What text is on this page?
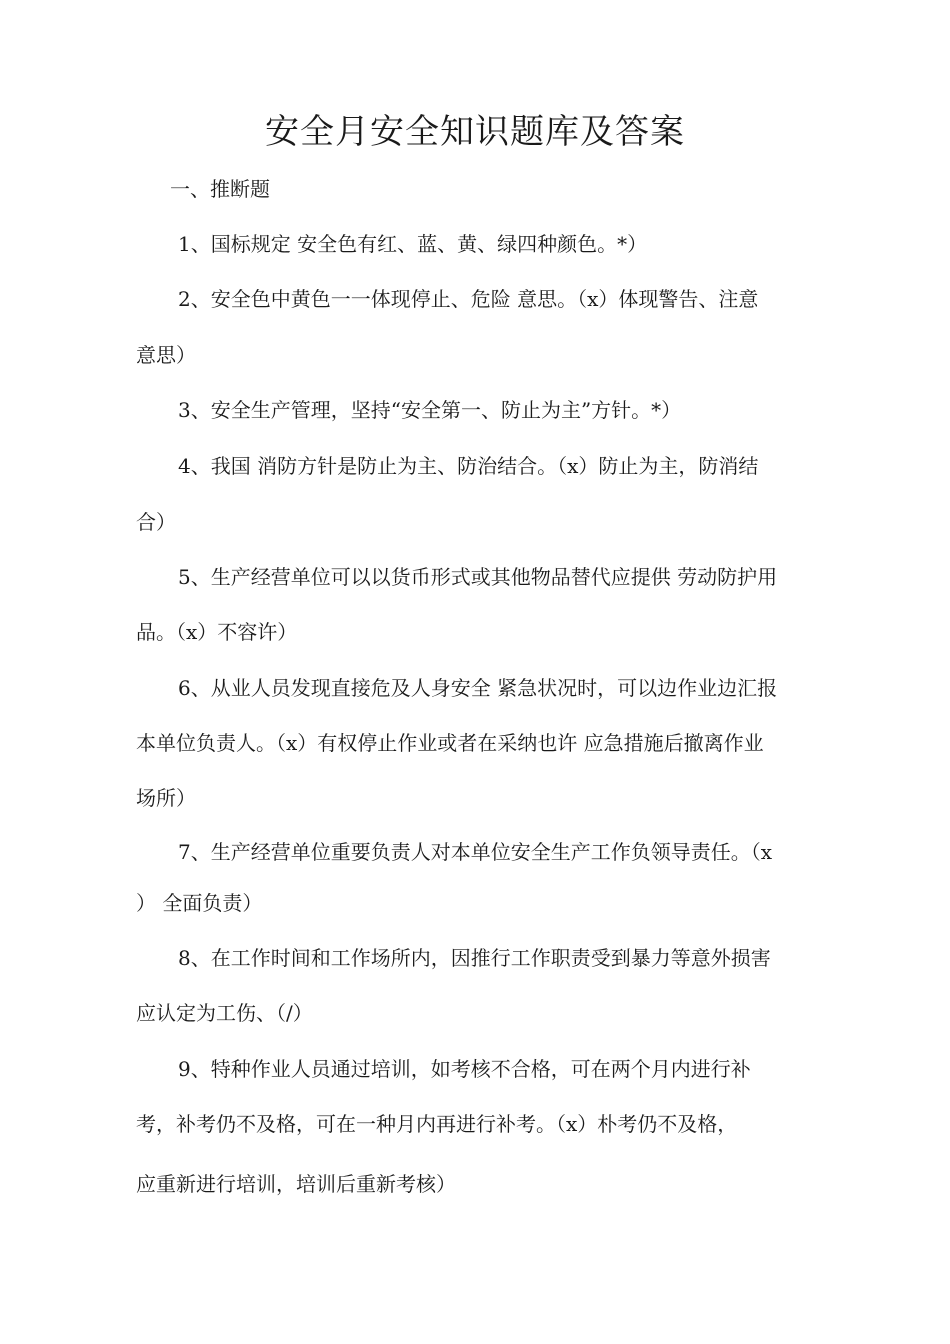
安全月安全知识题库及答案

一、推断题

1、国标规定 安全色有红、蓝、黄、绿四种颜色。*）

2、安全色中黄色一一体现停止、危险 意思。（x）体现警告、注意

意思）

3、安全生产管理，坚持“安全第一、防止为主”方针。*）

4、我国 消防方针是防止为主、防治结合。（x）防止为主，防消结

合）

5、生产经营单位可以以货币形式或其他物品替代应提供 劳动防护用

品。（x）不容许）

6、从业人员发现直接危及人身安全 紧急状况时，可以边作业边汇报

本单位负责人。（x）有权停止作业或者在采纳也许 应急措施后撤离作业

场所）

7、生产经营单位重要负责人对本单位安全生产工作负领导责任。（x

） 全面负责）

8、在工作时间和工作场所内，因推行工作职责受到暴力等意外损害

应认定为工伤、（/）

9、特种作业人员通过培训，如考核不合格，可在两个月内进行补

考，补考仍不及格，可在一种月内再进行补考。（x）朴考仍不及格，

应重新进行培训，培训后重新考核）
